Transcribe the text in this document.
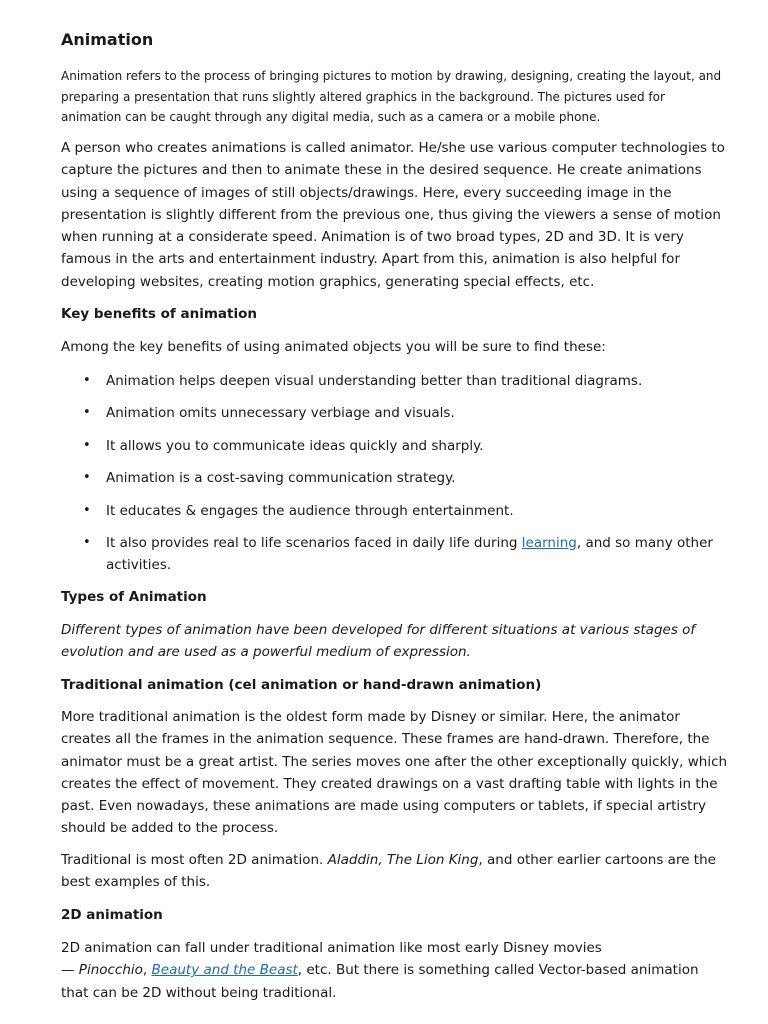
Animation

Animation refers to the process of bringing pictures to motion by drawing, designing, creating the layout, and preparing a presentation that runs slightly altered graphics in the background. The pictures used for animation can be caught through any digital media, such as a camera or a mobile phone.

A person who creates animations is called animator. He/she use various computer technologies to capture the pictures and then to animate these in the desired sequence. He create animations using a sequence of images of still objects/drawings. Here, every succeeding image in the presentation is slightly different from the previous one, thus giving the viewers a sense of motion when running at a considerate speed. Animation is of two broad types, 2D and 3D. It is very famous in the arts and entertainment industry. Apart from this, animation is also helpful for developing websites, creating motion graphics, generating special effects, etc.

Key benefits of animation

Among the key benefits of using animated objects you will be sure to find these:

• Animation helps deepen visual understanding better than traditional diagrams.
• Animation omits unnecessary verbiage and visuals.
• It allows you to communicate ideas quickly and sharply.
• Animation is a cost-saving communication strategy.
• It educates & engages the audience through entertainment.
• It also provides real to life scenarios faced in daily life during learning, and so many other activities.
Types of Animation

Different types of animation have been developed for different situations at various stages of evolution and are used as a powerful medium of expression.

Traditional animation (cel animation or hand-drawn animation)

More traditional animation is the oldest form made by Disney or similar. Here, the animator creates all the frames in the animation sequence. These frames are hand-drawn. Therefore, the animator must be a great artist. The series moves one after the other exceptionally quickly, which creates the effect of movement. They created drawings on a vast drafting table with lights in the past. Even nowadays, these animations are made using computers or tablets, if special artistry should be added to the process.

Traditional is most often 2D animation. Aladdin, The Lion King, and other earlier cartoons are the best examples of this.

2D animation

2D animation can fall under traditional animation like most early Disney movies
— Pinocchio, Beauty and the Beast, etc. But there is something called Vector-based animation that can be 2D without being traditional.
